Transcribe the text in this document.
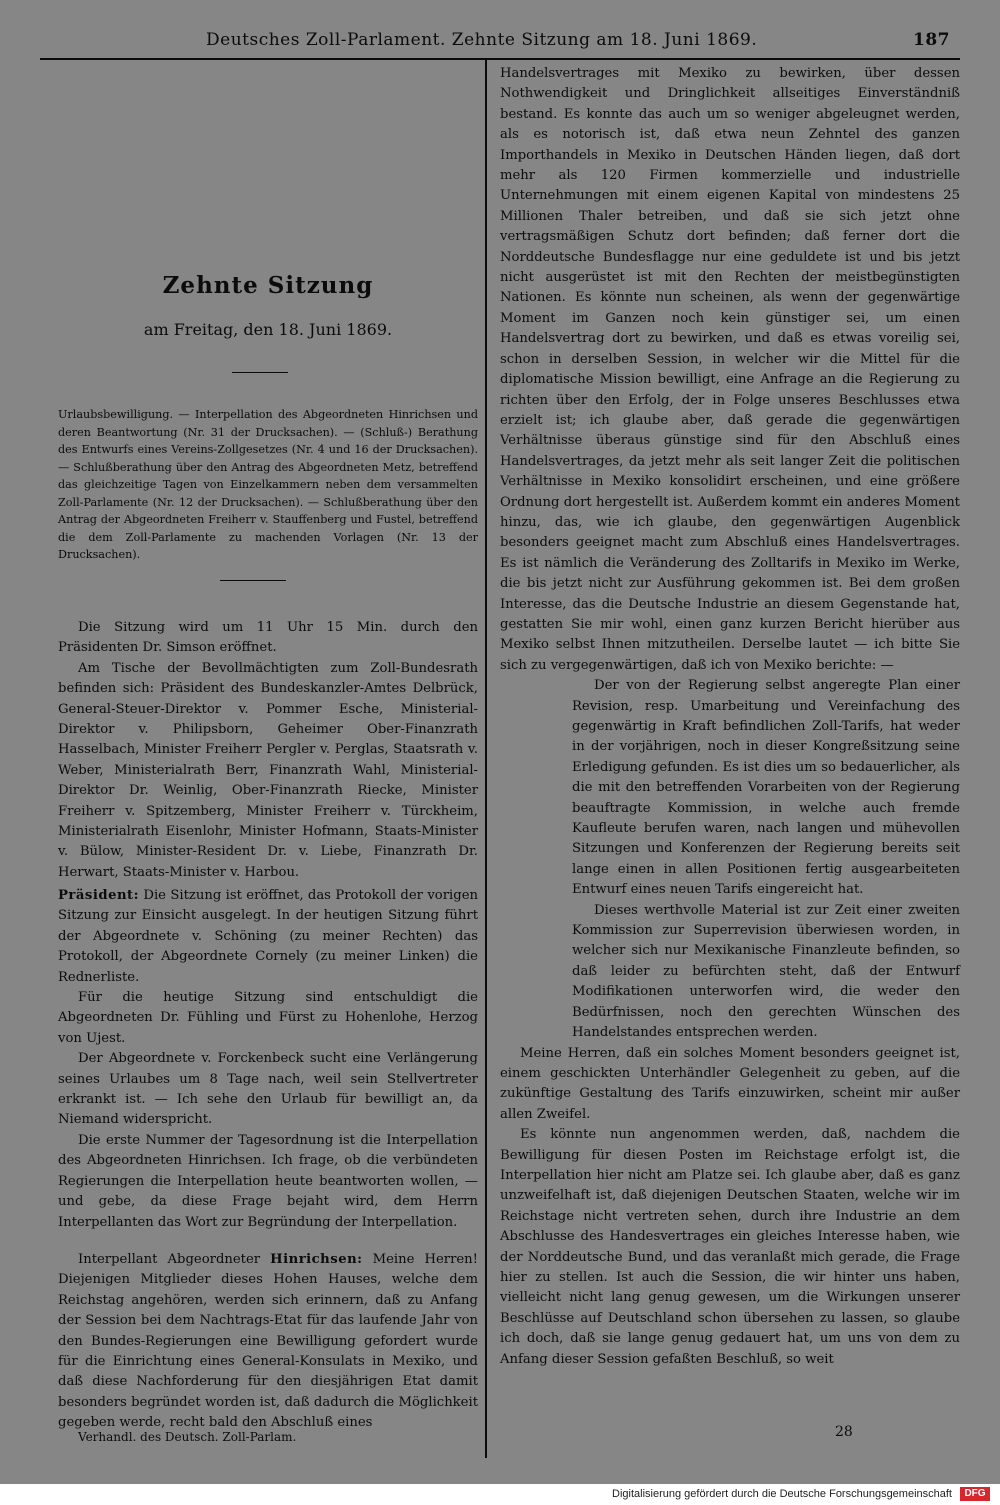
Deutsches Zoll-Parlament. Zehnte Sitzung am 18. Juni 1869.	187
Zehnte Sitzung
am Freitag, den 18. Juni 1869.
Urlaubsbewilligung. — Interpellation des Abgeordneten Hinrichsen und deren Beantwortung (Nr. 31 der Drucksachen). — (Schluß-) Berathung des Entwurfs eines Vereins-Zollgesetzes (Nr. 4 und 16 der Drucksachen). — Schlußberathung über den Antrag des Abgeordneten Metz, betreffend das gleichzeitige Tagen von Einzelkammern neben dem versammelten Zoll-Parlamente (Nr. 12 der Drucksachen). — Schlußberathung über den Antrag der Abgeordneten Freiherr v. Stauffenberg und Fustel, betreffend die dem Zoll-Parlamente zu machenden Vorlagen (Nr. 13 der Drucksachen).

Die Sitzung wird um 11 Uhr 15 Min. durch den Präsidenten Dr. Simson eröffnet.

Am Tische der Bevollmächtigten zum Zoll-Bundesrath befinden sich: Präsident des Bundeskanzler-Amtes Delbrück, General-Steuer-Direktor v. Pommer Esche, Ministerial-Direktor v. Philipsborn, Geheimer Ober-Finanzrath Hasselbach, Minister Freiherr Pergler v. Perglas, Staatsrath v. Weber, Ministerialrath Berr, Finanzrath Wahl, Ministerial-Direktor Dr. Weinlig, Ober-Finanzrath Riecke, Minister Freiherr v. Spitzemberg, Minister Freiherr v. Türckheim, Ministerialrath Eisenlohr, Minister Hofmann, Staats-Minister v. Bülow, Minister-Resident Dr. v. Liebe, Finanzrath Dr. Herwart, Staats-Minister v. Harbou.

Präsident: Die Sitzung ist eröffnet, das Protokoll der vorigen Sitzung zur Einsicht ausgelegt. In der heutigen Sitzung führt der Abgeordnete v. Schöning (zu meiner Rechten) das Protokoll, der Abgeordnete Cornely (zu meiner Linken) die Rednerliste.

Für die heutige Sitzung sind entschuldigt die Abgeordneten Dr. Fühling und Fürst zu Hohenlohe, Herzog von Ujest.

Der Abgeordnete v. Forckenbeck sucht eine Verlängerung seines Urlaubes um 8 Tage nach, weil sein Stellvertreter erkrankt ist. — Ich sehe den Urlaub für bewilligt an, da Niemand widerspricht.

Die erste Nummer der Tagesordnung ist die Interpellation des Abgeordneten Hinrichsen. Ich frage, ob die verbündeten Regierungen die Interpellation heute beantworten wollen, — und gebe, da diese Frage bejaht wird, dem Herrn Interpellanten das Wort zur Begründung der Interpellation.

Interpellant Abgeordneter Hinrichsen: Meine Herren! Diejenigen Mitglieder dieses Hohen Hauses, welche dem Reichstag angehören, werden sich erinnern, daß zu Anfang der Session bei dem Nachtrags-Etat für das laufende Jahr von den Bundes-Regierungen eine Bewilligung gefordert wurde für die Einrichtung eines General-Konsulats in Mexiko, und daß diese Nachforderung für den diesjährigen Etat damit besonders begründet worden ist, daß dadurch die Möglichkeit gegeben werde, recht bald den Abschluß eines

Handelsvertrages mit Mexiko zu bewirken, über dessen Nothwendigkeit und Dringlichkeit allseitiges Einverständniß bestand. Es konnte das auch um so weniger abgeleugnet werden, als es notorisch ist, daß etwa neun Zehntel des ganzen Importhandels in Mexiko in Deutschen Händen liegen, daß dort mehr als 120 Firmen kommerzielle und industrielle Unternehmungen mit einem eigenen Kapital von mindestens 25 Millionen Thaler betreiben, und daß sie sich jetzt ohne vertragsmäßigen Schutz dort befinden; daß ferner dort die Norddeutsche Bundesflagge nur eine geduldete ist und bis jetzt nicht ausgerüstet ist mit den Rechten der meistbegünstigten Nationen. Es könnte nun scheinen, als wenn der gegenwärtige Moment im Ganzen noch kein günstiger sei, um einen Handelsvertrag dort zu bewirken, und daß es etwas voreilig sei, schon in derselben Session, in welcher wir die Mittel für die diplomatische Mission bewilligt, eine Anfrage an die Regierung zu richten über den Erfolg, der in Folge unseres Beschlusses etwa erzielt ist; ich glaube aber, daß gerade die gegenwärtigen Verhältnisse überaus günstige sind für den Abschluß eines Handelsvertrages, da jetzt mehr als seit langer Zeit die politischen Verhältnisse in Mexiko konsolidirt erscheinen, und eine größere Ordnung dort hergestellt ist. Außerdem kommt ein anderes Moment hinzu, das, wie ich glaube, den gegenwärtigen Augenblick besonders geeignet macht zum Abschluß eines Handelsvertrages. Es ist nämlich die Veränderung des Zolltarifs in Mexiko im Werke, die bis jetzt nicht zur Ausführung gekommen ist. Bei dem großen Interesse, das die Deutsche Industrie an diesem Gegenstande hat, gestatten Sie mir wohl, einen ganz kurzen Bericht hierüber aus Mexiko selbst Ihnen mitzutheilen. Derselbe lautet — ich bitte Sie sich zu vergegenwärtigen, daß ich von Mexiko berichte: —

Der von der Regierung selbst angeregte Plan einer Revision, resp. Umarbeitung und Vereinfachung des gegenwärtig in Kraft befindlichen Zoll-Tarifs, hat weder in der vorjährigen, noch in dieser Kongreßsitzung seine Erledigung gefunden. Es ist dies um so bedauerlicher, als die mit den betreffenden Vorarbeiten von der Regierung beauftragte Kommission, in welche auch fremde Kaufleute berufen waren, nach langen und mühevollen Sitzungen und Konferenzen der Regierung bereits seit lange einen in allen Positionen fertig ausgearbeiteten Entwurf eines neuen Tarifs eingereicht hat.

Dieses werthvolle Material ist zur Zeit einer zweiten Kommission zur Superrevision überwiesen worden, in welcher sich nur Mexikanische Finanzleute befinden, so daß leider zu befürchten steht, daß der Entwurf Modifikationen unterworfen wird, die weder den Bedürfnissen, noch den gerechten Wünschen des Handelstandes entsprechen werden.

Meine Herren, daß ein solches Moment besonders geeignet ist, einem geschickten Unterhändler Gelegenheit zu geben, auf die zukünftige Gestaltung des Tarifs einzuwirken, scheint mir außer allen Zweifel.

Es könnte nun angenommen werden, daß, nachdem die Bewilligung für diesen Posten im Reichstage erfolgt ist, die Interpellation hier nicht am Platze sei. Ich glaube aber, daß es ganz unzweifelhaft ist, daß diejenigen Deutschen Staaten, welche wir im Reichstage nicht vertreten sehen, durch ihre Industrie an dem Abschlusse des Handesvertrages ein gleiches Interesse haben, wie der Norddeutsche Bund, und das veranlaßt mich gerade, die Frage hier zu stellen. Ist auch die Session, die wir hinter uns haben, vielleicht nicht lang genug gewesen, um die Wirkungen unserer Beschlüsse auf Deutschland schon übersehen zu lassen, so glaube ich doch, daß sie lange genug gedauert hat, um uns von dem zu Anfang dieser Session gefaßten Beschluß, so weit

Verhandl. des Deutsch. Zoll-Parlam.	28
Digitalisierung gefördert durch die Deutsche Forschungsgemeinschaft	DFG
